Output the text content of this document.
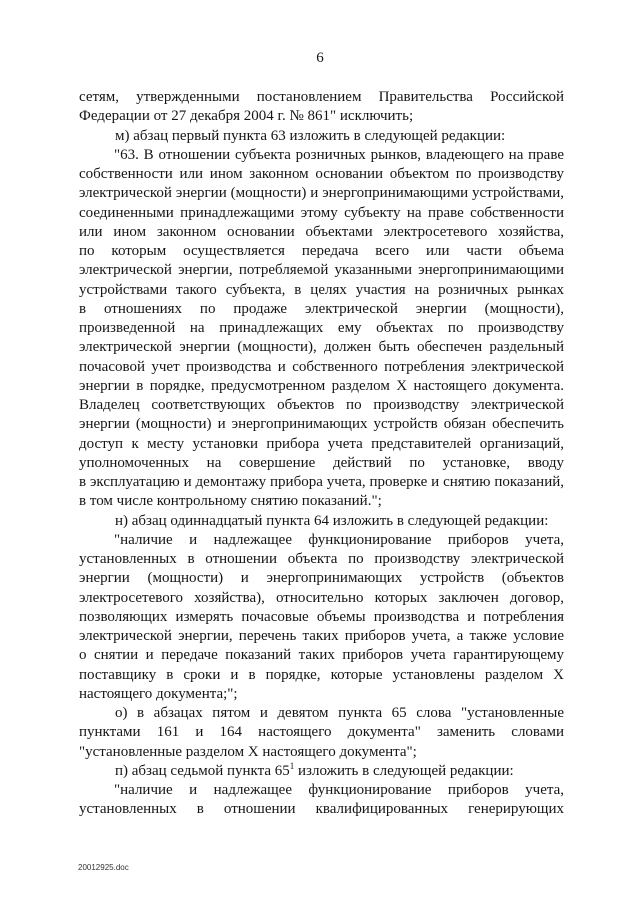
6

сетям, утвержденными постановлением Правительства Российской

Федерации от 27 декабря 2004 г. № 861" исключить;

м) абзац первый пункта 63 изложить в следующей редакции:

"63. В отношении субъекта розничных рынков, владеющего на праве

собственности или ином законном основании объектом по производству

электрической энергии (мощности) и энергопринимающими устройствами,

соединенными принадлежащими этому субъекту на праве собственности

или ином законном основании объектами электросетевого хозяйства,

по которым осуществляется передача всего или части объема

электрической энергии, потребляемой указанными энергопринимающими

устройствами такого субъекта, в целях участия на розничных рынках

в отношениях по продаже электрической энергии (мощности),

произведенной на принадлежащих ему объектах по производству

электрической энергии (мощности), должен быть обеспечен раздельный

почасовой учет производства и собственного потребления электрической

энергии в порядке, предусмотренном разделом X настоящего документа.

Владелец соответствующих объектов по производству электрической

энергии (мощности) и энергопринимающих устройств обязан обеспечить

доступ к месту установки прибора учета представителей организаций,

уполномоченных на совершение действий по установке, вводу

в эксплуатацию и демонтажу прибора учета, проверке и снятию показаний,

в том числе контрольному снятию показаний.";

н) абзац одиннадцатый пункта 64 изложить в следующей редакции:

"наличие и надлежащее функционирование приборов учета,

установленных в отношении объекта по производству электрической

энергии (мощности) и энергопринимающих устройств (объектов

электросетевого хозяйства), относительно которых заключен договор,

позволяющих измерять почасовые объемы производства и потребления

электрической энергии, перечень таких приборов учета, а также условие

о снятии и передаче показаний таких приборов учета гарантирующему

поставщику в сроки и в порядке, которые установлены разделом X

настоящего документа;";

о) в абзацах пятом и девятом пункта 65 слова "установленные

пунктами 161 и 164 настоящего документа" заменить словами

"установленные разделом X настоящего документа";

п) абзац седьмой пункта $65^1$ изложить в следующей редакции:

"наличие и надлежащее функционирование приборов учета,

установленных в отношении квалифицированных генерирующих

20012925.doc
